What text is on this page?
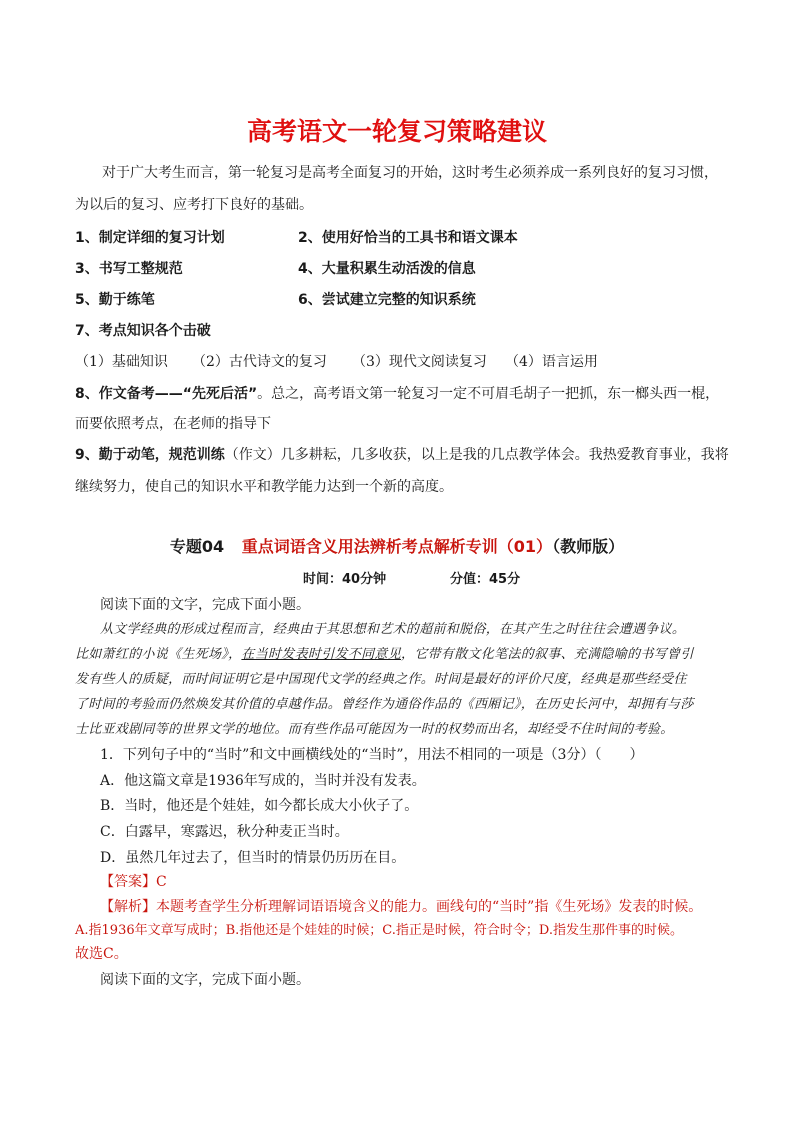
高考语文一轮复习策略建议
对于广大考生而言，第一轮复习是高考全面复习的开始，这时考生必须养成一系列良好的复习习惯，
为以后的复习、应考打下良好的基础。
1、制定详细的复习计划	2、使用好恰当的工具书和语文课本
3、书写工整规范	4、大量积累生动活泼的信息
5、勤于练笔	6、尝试建立完整的知识系统
7、考点知识各个击破
（1）基础知识 （2）古代诗文的复习 （3）现代文阅读复习 （4）语言运用
8、作文备考——“先死后活”。总之，高考语文第一轮复习一定不可眉毛胡子一把抓，东一榔头西一棍，
而要依照考点，在老师的指导下
9、勤于动笔，规范训练（作文）几多耕耘，几多收获，以上是我的几点教学体会。我热爱教育事业，我将
继续努力，使自己的知识水平和教学能力达到一个新的高度。
专题04 重点词语含义用法辨析考点解析专训（01）（教师版）
时间：40分钟	分值：45分
阅读下面的文字，完成下面小题。
从文学经典的形成过程而言，经典由于其思想和艺术的超前和脱俗，在其产生之时往往会遭遇争议。
比如萧红的小说《生死场》，在当时发表时引发不同意见，它带有散文化笔法的叙事、充满隐喻的书写曾引
发有些人的质疑，而时间证明它是中国现代文学的经典之作。时间是最好的评价尺度，经典是那些经受住
了时间的考验而仍然焕发其价值的卓越作品。曾经作为通俗作品的《西厢记》，在历史长河中，却拥有与莎
士比亚戏剧同等的世界文学的地位。而有些作品可能因为一时的权势而出名，却经受不住时间的考验。
1．下列句子中的“当时”和文中画横线处的“当时”，用法不相同的一项是（3分）（　　）
A．他这篇文章是1936年写成的，当时并没有发表。
B．当时，他还是个娃娃，如今都长成大小伙子了。
C．白露早，寒露迟，秋分种麦正当时。
D．虽然几年过去了，但当时的情景仍历历在目。
【答案】C
【解析】本题考查学生分析理解词语语境含义的能力。画线句的“当时”指《生死场》发表的时候。
A.指1936年文章写成时；B.指他还是个娃娃的时候；C.指正是时候，符合时令；D.指发生那件事的时候。
故选C。
阅读下面的文字，完成下面小题。
